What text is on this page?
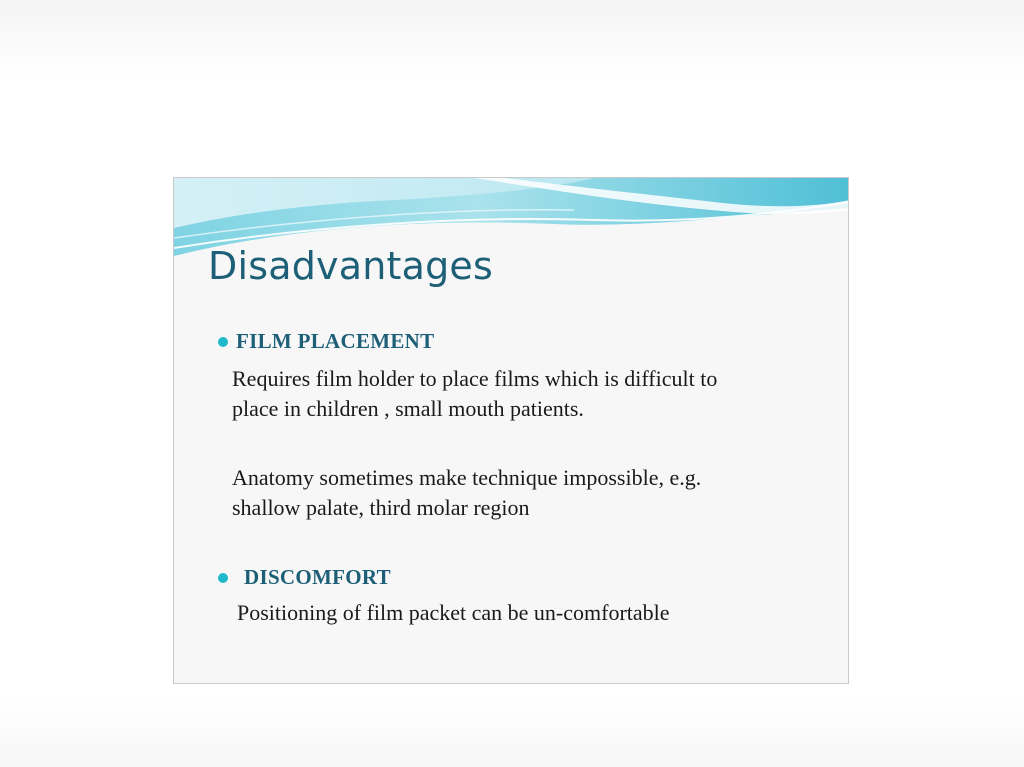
Disadvantages
FILM PLACEMENT

Requires film holder to place films which is difficult to
place in children , small mouth patients.

Anatomy sometimes make technique impossible, e.g.
shallow palate, third molar region

DISCOMFORT

Positioning of film packet can be un-comfortable
